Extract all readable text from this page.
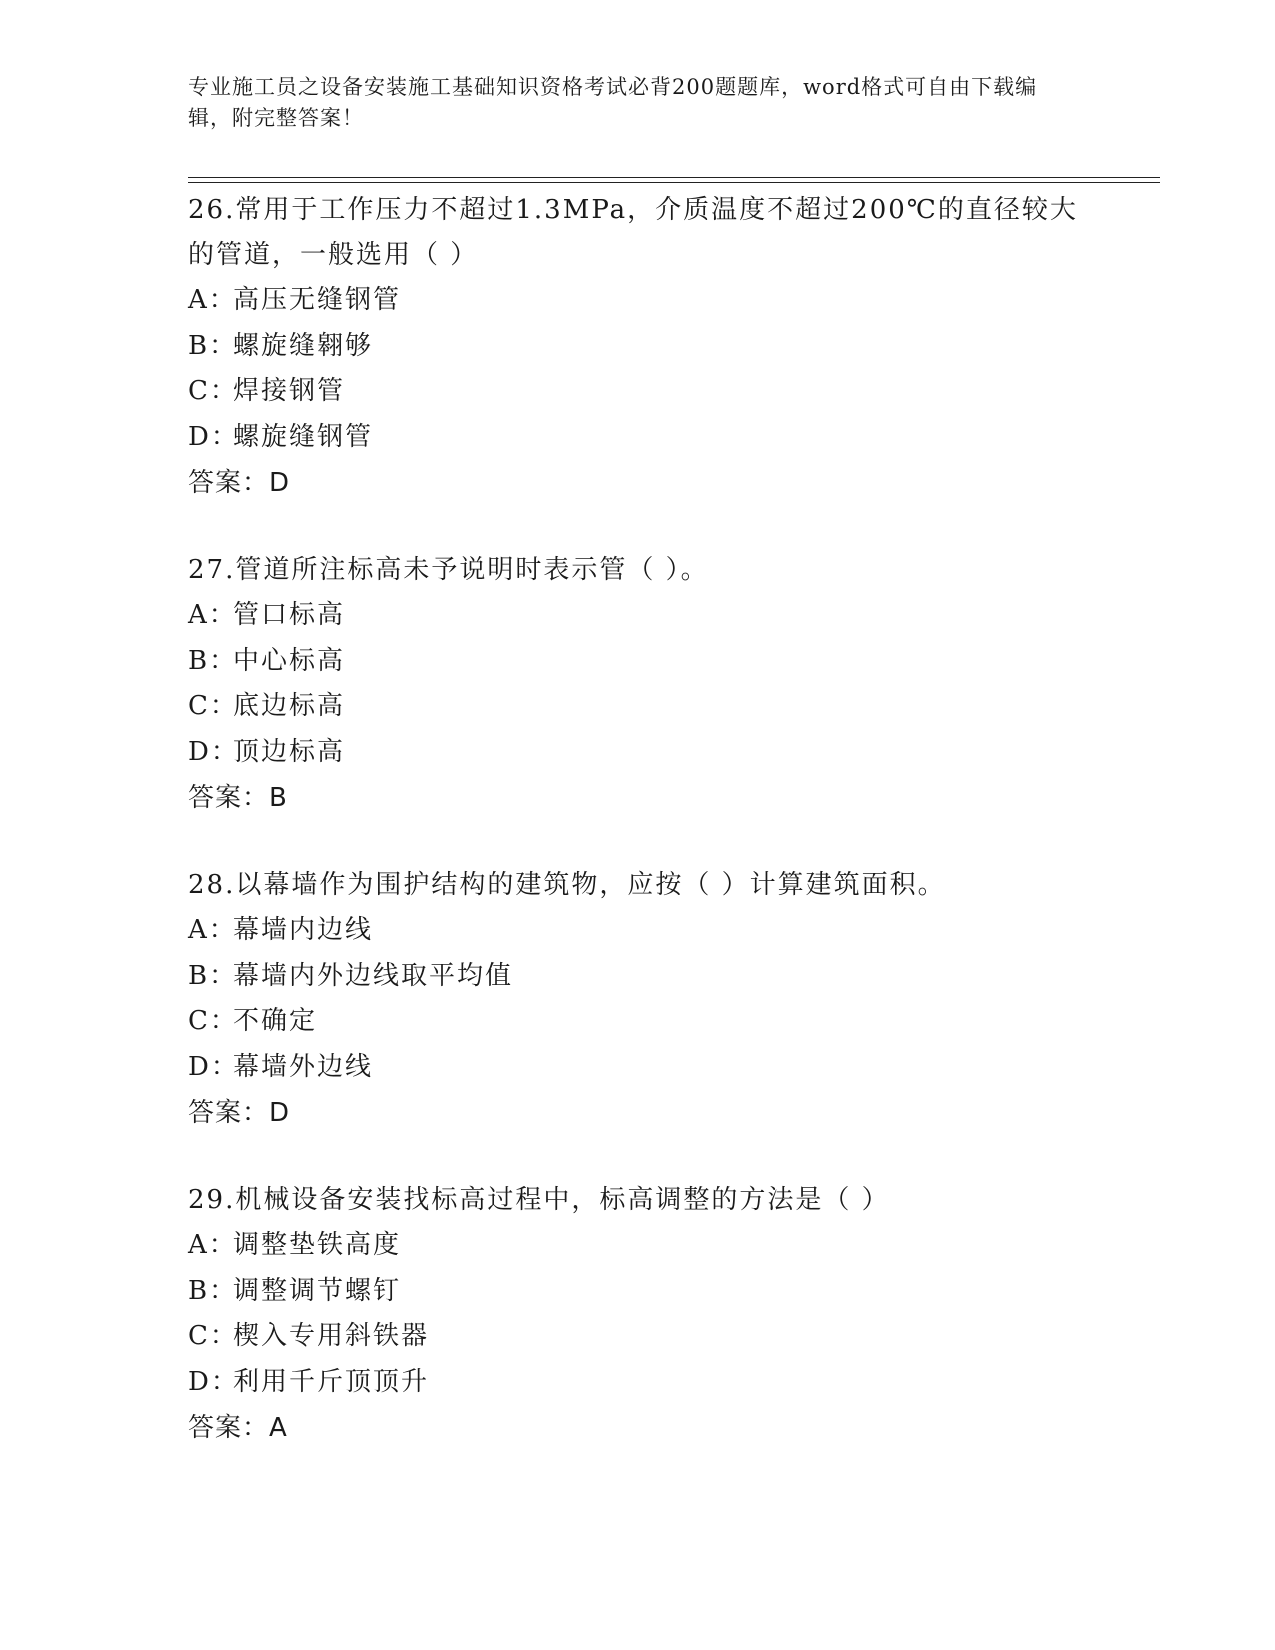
专业施工员之设备安装施工基础知识资格考试必背200题题库，word格式可自由下载编辑，附完整答案！
26.常用于工作压力不超过1.3MPa，介质温度不超过200℃的直径较大的管道，一般选用（ ）
A：高压无缝钢管
B：螺旋缝翱够
C：焊接钢管
D：螺旋缝钢管
答案：D
27.管道所注标高未予说明时表示管（ ）。
A：管口标高
B：中心标高
C：底边标高
D：顶边标高
答案：B
28.以幕墙作为围护结构的建筑物，应按（ ）计算建筑面积。
A：幕墙内边线
B：幕墙内外边线取平均值
C：不确定
D：幕墙外边线
答案：D
29.机械设备安装找标高过程中，标高调整的方法是（ ）
A：调整垫铁高度
B：调整调节螺钉
C：楔入专用斜铁器
D：利用千斤顶顶升
答案：A
